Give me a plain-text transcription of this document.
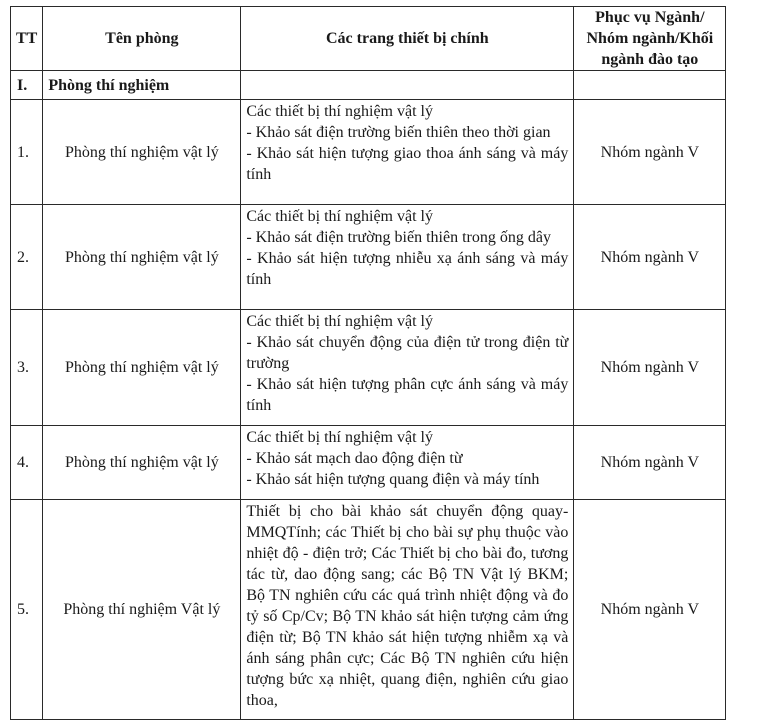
TT	Tên phòng	Các trang thiết bị chính	Phục vụ Ngành/
Nhóm ngành/Khối
ngành đào tạo

I.	Phòng thí nghiệm		
1.	Phòng thí nghiệm vật lý	Các thiết bị thí nghiệm vật lý
- Khảo sát điện trường biến thiên theo thời gian
- Khảo sát hiện tượng giao thoa ánh sáng và máy tính	Nhóm ngành V
2.	Phòng thí nghiệm vật lý	Các thiết bị thí nghiệm vật lý
- Khảo sát điện trường biến thiên trong ống dây
- Khảo sát hiện tượng nhiễu xạ ánh sáng và máy tính	Nhóm ngành V
3.	Phòng thí nghiệm vật lý	Các thiết bị thí nghiệm vật lý
- Khảo sát chuyển động của điện tử trong điện từ trường
- Khảo sát hiện tượng phân cực ánh sáng và máy tính	Nhóm ngành V
4.	Phòng thí nghiệm vật lý	Các thiết bị thí nghiệm vật lý
- Khảo sát mạch dao động điện từ
- Khảo sát hiện tượng quang điện và máy tính	Nhóm ngành V
5.	Phòng thí nghiệm Vật lý	Thiết bị cho bài khảo sát chuyển động quay-MMQTính; các Thiết bị cho bài sự phụ thuộc vào nhiệt độ - điện trở; Các Thiết bị cho bài đo, tương tác từ, dao động sang; các Bộ TN Vật lý BKM; Bộ TN nghiên cứu các quá trình nhiệt động và đo tỷ số Cp/Cv; Bộ TN khảo sát hiện tượng cảm ứng điện từ; Bộ TN khảo sát hiện tượng nhiễm xạ và ánh sáng phân cực; Các Bộ TN nghiên cứu hiện tượng bức xạ nhiệt, quang điện, nghiên cứu giao thoa,	Nhóm ngành V
